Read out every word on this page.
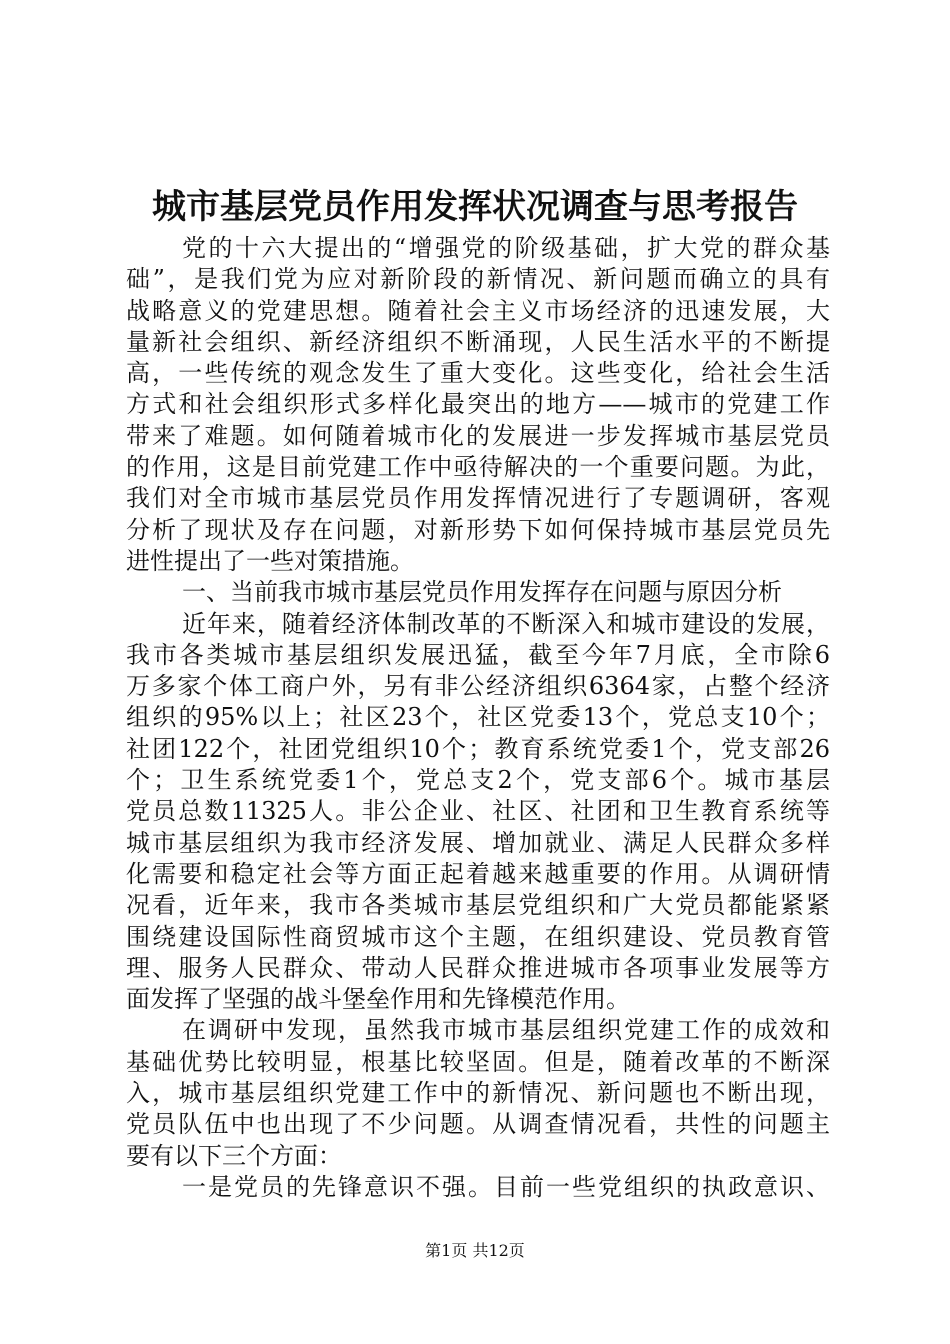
城市基层党员作用发挥状况调查与思考报告
党的十六大提出的“增强党的阶级基础，扩大党的群众基
础”，是我们党为应对新阶段的新情况、新问题而确立的具有
战略意义的党建思想。随着社会主义市场经济的迅速发展，大
量新社会组织、新经济组织不断涌现，人民生活水平的不断提
高，一些传统的观念发生了重大变化。这些变化，给社会生活
方式和社会组织形式多样化最突出的地方——城市的党建工作
带来了难题。如何随着城市化的发展进一步发挥城市基层党员
的作用，这是目前党建工作中亟待解决的一个重要问题。为此，
我们对全市城市基层党员作用发挥情况进行了专题调研，客观
分析了现状及存在问题，对新形势下如何保持城市基层党员先
进性提出了一些对策措施。
一、当前我市城市基层党员作用发挥存在问题与原因分析
近年来，随着经济体制改革的不断深入和城市建设的发展，
我市各类城市基层组织发展迅猛，截至今年7月底，全市除6
万多家个体工商户外，另有非公经济组织6364家，占整个经济
组织的95%以上；社区23个，社区党委13个，党总支10个；
社团122个，社团党组织10个；教育系统党委1个，党支部26
个；卫生系统党委1个，党总支2个，党支部6个。城市基层
党员总数11325人。非公企业、社区、社团和卫生教育系统等
城市基层组织为我市经济发展、增加就业、满足人民群众多样
化需要和稳定社会等方面正起着越来越重要的作用。从调研情
况看，近年来，我市各类城市基层党组织和广大党员都能紧紧
围绕建设国际性商贸城市这个主题，在组织建设、党员教育管
理、服务人民群众、带动人民群众推进城市各项事业发展等方
面发挥了坚强的战斗堡垒作用和先锋模范作用。
在调研中发现，虽然我市城市基层组织党建工作的成效和
基础优势比较明显，根基比较坚固。但是，随着改革的不断深
入，城市基层组织党建工作中的新情况、新问题也不断出现，
党员队伍中也出现了不少问题。从调查情况看，共性的问题主
要有以下三个方面：
一是党员的先锋意识不强。目前一些党组织的执政意识、
第1页 共12页
